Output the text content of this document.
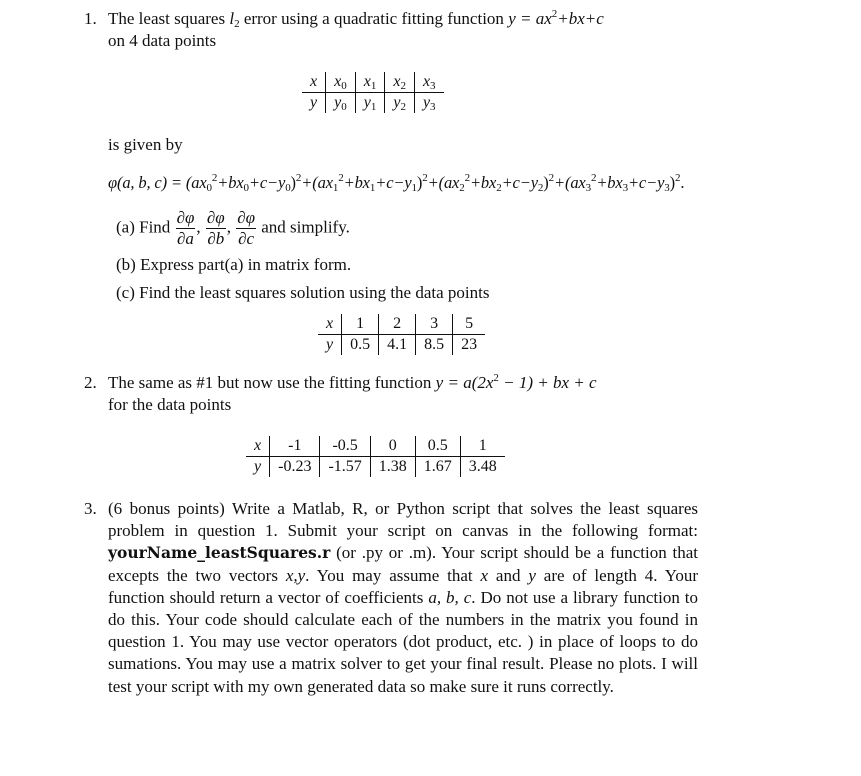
1. The least squares $l_2$ error using a quadratic fitting function $y = ax^2+bx+c$
on 4 data points
x	$x_0$	$x_1$	$x_2$	$x_3$
y	$y_0$	$y_1$	$y_2$	$y_3$
is given by
φ(a, b, $c) = (ax_0^2+bx_0+c-y_0)^2+(ax_1^2+bx_1+c-y_1)^2+(ax_2^2+bx_2+c-y_2)^2+(ax_3^2+bx_3+c-y_3)^2$.
(a) Find $\frac{\partial\varphi}{\partial a}$ , $\frac{\partial\varphi}{\partial b}$ , $\frac{\partial\varphi}{\partial c}$ and simplify.
(b) Express part(a) in matrix form.
(c) Find the least squares solution using the data points
x	1	2	3	5
y	0.5	4.1	8.5	23
2. The same as #1 but now use the fitting function $y = a(2x^2 - 1)$ + bx + c
for the data points
x	-1	-0.5	0	0.5	1
y	-0.23	-1.57	1.38	1.67	3.48
3. (6 bonus points) Write a Matlab, R, or Python script that solves the least squares problem in question 1. Submit your script on canvas in the following format: yourName_leastSquares.r (or .py or .m). Your script should be a function that excepts the two vectors x,y. You may assume that x and y are of length 4. Your function should return a vector of coefficients a, b, c. Do not use a library function to do this. Your code should calculate each of the numbers in the matrix you found in question 1. You may use vector operators (dot product, etc. ) in place of loops to do sumations. You may use a matrix solver to get your final result. Please no plots. I will test your script with my own generated data so make sure it runs correctly.
